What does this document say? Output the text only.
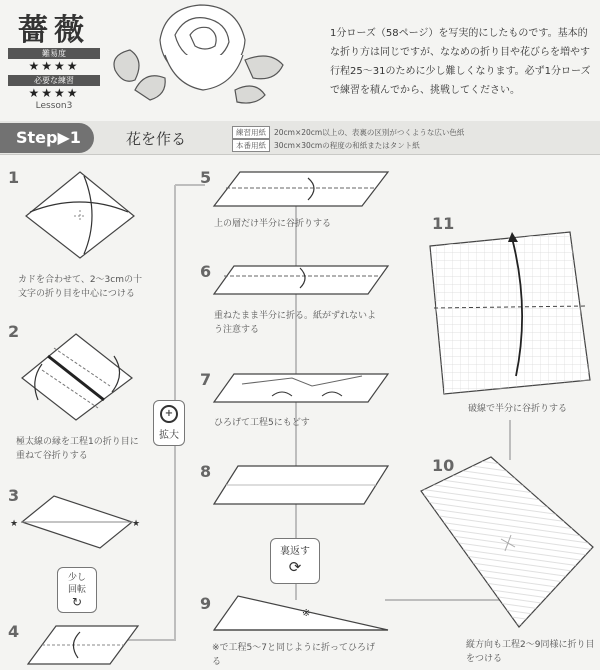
薔薇
難易度
★★★★
必要な練習
★★★★
Lesson3
1分ローズ（58ページ）を写実的にしたものです。基本的な折り方は同じですが、ななめの折り目や花びらを増やす行程25〜31のために少し難しくなります。必ず1分ローズで練習を積んでから、挑戦してください。
Step▶1	花を作る	練習用紙 20cm×20cm以上の、表裏の区別がつくような広い色紙
本番用紙 30cm×30cmの程度の和紙またはタント紙
1
カドを合わせて、2〜3cmの十文字の折り目を中心につける
2
極太線の縁を工程1の折り目に重ねて谷折りする
3
★	★
少し
回転
↻
4
+
拡大
5
上の層だけ半分に谷折りする
6
重ねたまま半分に折る。紙がずれないよう注意する
7
ひろげて工程5にもどす
8
裏返す
⟳
9
※
※で工程5〜7と同じように折ってひろげる
11
破線で半分に谷折りする
10
縦方向も工程2〜9同様に折り目をつける
